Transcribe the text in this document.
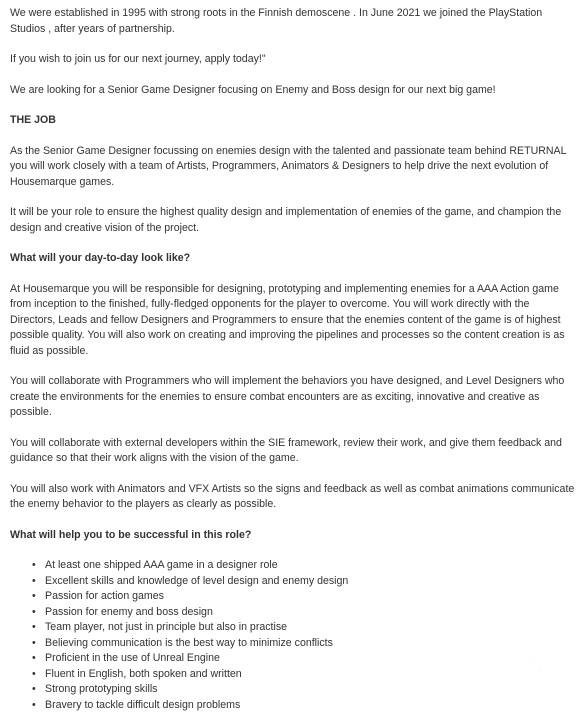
We were established in 1995 with strong roots in the Finnish demoscene . In June 2021 we joined the PlayStation Studios , after years of partnership.

If you wish to join us for our next journey, apply today!"

We are looking for a Senior Game Designer focusing on Enemy and Boss design for our next big game!

THE JOB

As the Senior Game Designer focussing on enemies design with the talented and passionate team behind RETURNAL you will work closely with a team of Artists, Programmers, Animators & Designers to help drive the next evolution of Housemarque games.

It will be your role to ensure the highest quality design and implementation of enemies of the game, and champion the design and creative vision of the project.

What will your day-to-day look like?

At Housemarque you will be responsible for designing, prototyping and implementing enemies for a AAA Action game from inception to the finished, fully-fledged opponents for the player to overcome. You will work directly with the Directors, Leads and fellow Designers and Programmers to ensure that the enemies content of the game is of highest possible quality. You will also work on creating and improving the pipelines and processes so the content creation is as fluid as possible.

You will collaborate with Programmers who will implement the behaviors you have designed, and Level Designers who create the environments for the enemies to ensure combat encounters are as exciting, innovative and creative as possible.

You will collaborate with external developers within the SIE framework, review their work, and give them feedback and guidance so that their work aligns with the vision of the game.

You will also work with Animators and VFX Artists so the signs and feedback as well as combat animations communicate the enemy behavior to the players as clearly as possible.

What will help you to be successful in this role?
• At least one shipped AAA game in a designer role
• Excellent skills and knowledge of level design and enemy design
• Passion for action games
• Passion for enemy and boss design
• Team player, not just in principle but also in practise
• Believing communication is the best way to minimize conflicts
• Proficient in the use of Unreal Engine
• Fluent in English, both spoken and written
• Strong prototyping skills
• Bravery to tackle difficult design problems
游侠网
